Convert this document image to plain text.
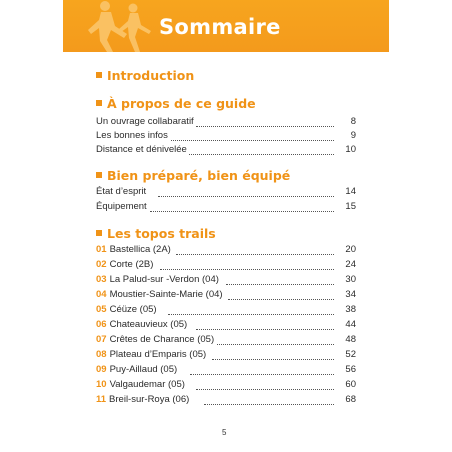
Sommaire
Introduction
À propos de ce guide
Un ouvrage collabaratif	8
Les bonnes infos	9
Distance et dénivelée	10
Bien préparé, bien équipé
État d’esprit	14
Équipement	15
Les topos trails
01 Bastellica (2A)	20
02 Corte (2B)	24
03 La Palud-sur -Verdon (04)	30
04 Moustier-Sainte-Marie (04)	34
05 Céüze (05)	38
06 Chateauvieux (05)	44
07 Crêtes de Charance (05)	48
08 Plateau d’Emparis (05)	52
09 Puy-Aillaud (05)	56
10 Valgaudemar (05)	60
11 Breil-sur-Roya (06)	68
5
